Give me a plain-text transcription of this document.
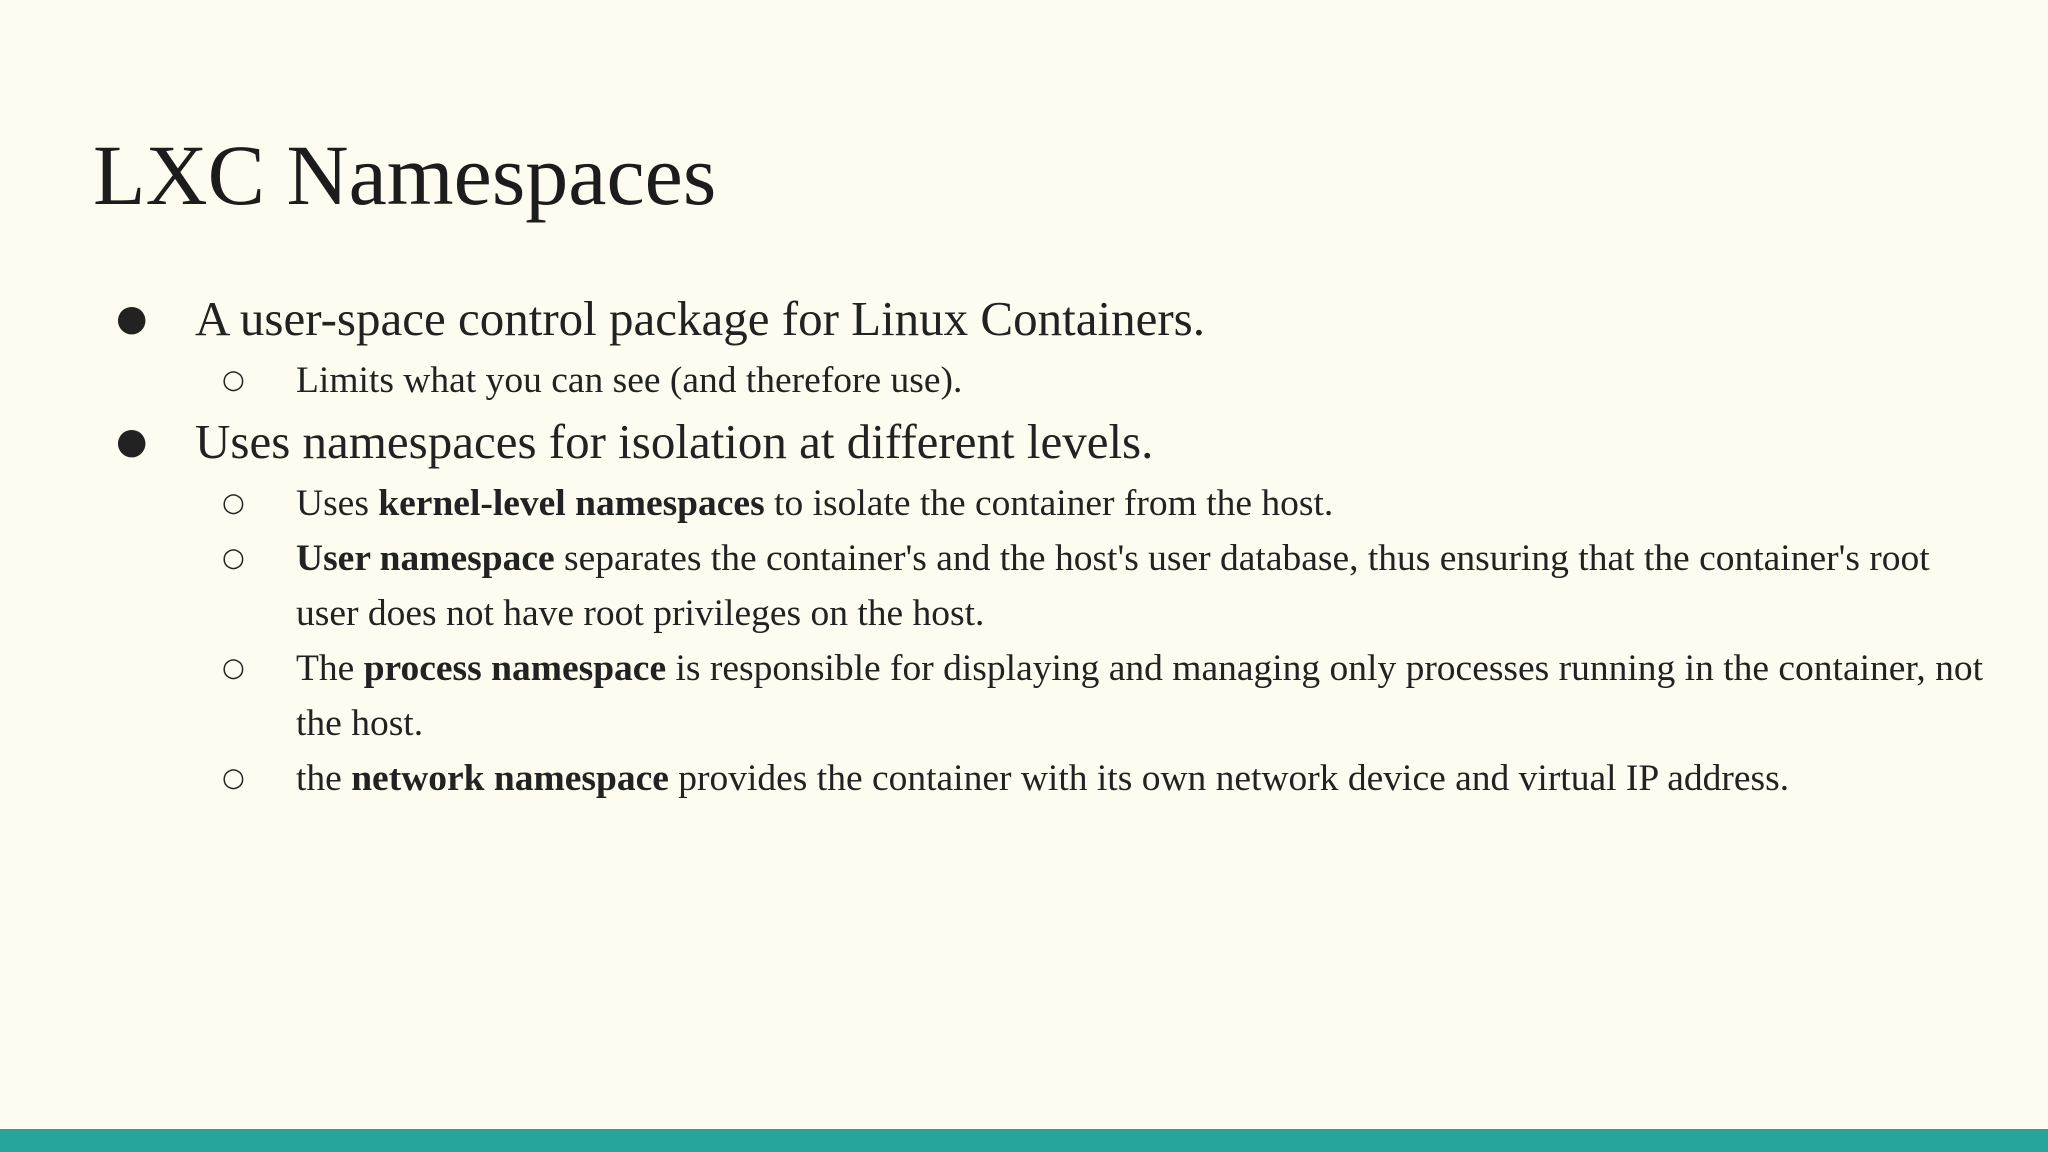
LXC Namespaces
● A user-space control package for Linux Containers.
○ Limits what you can see (and therefore use).
● Uses namespaces for isolation at different levels.
○ Uses kernel-level namespaces to isolate the container from the host.
○ User namespace separates the container's and the host's user database, thus ensuring that the container's root user does not have root privileges on the host.
○ The process namespace is responsible for displaying and managing only processes running in the container, not the host.
○ the network namespace provides the container with its own network device and virtual IP address.
